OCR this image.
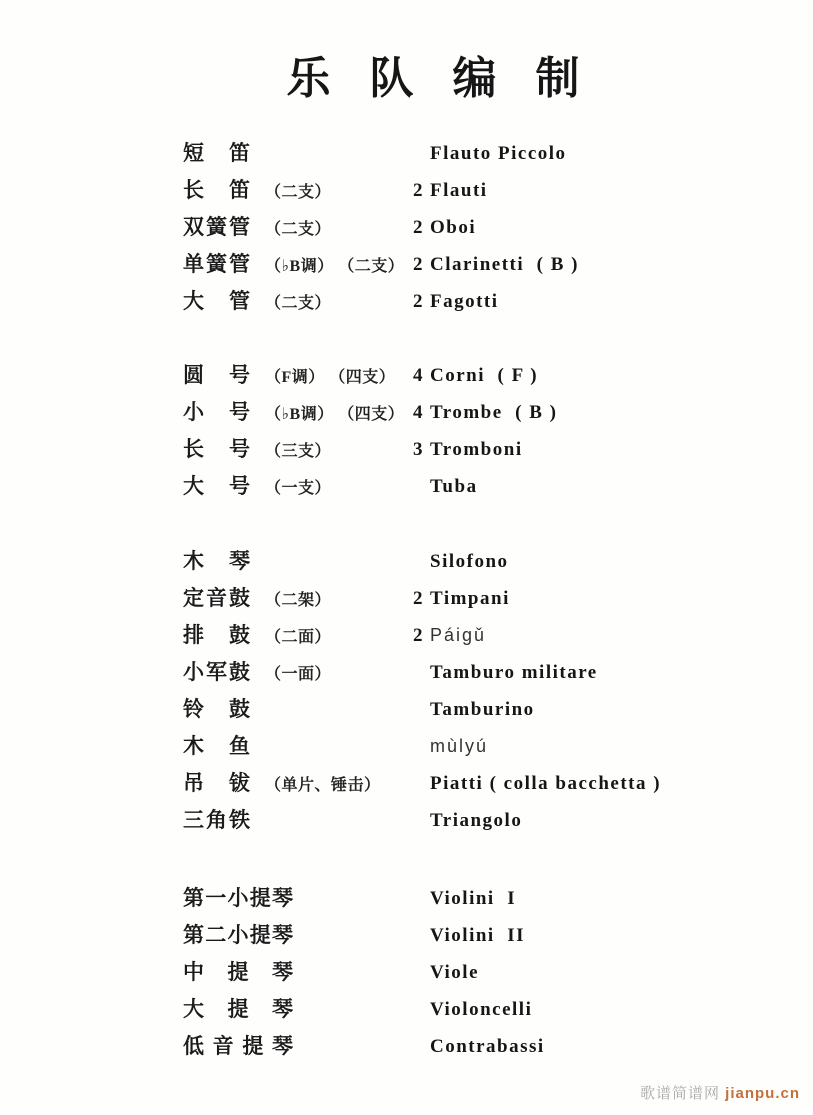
乐 队 编 制
短 笛	Flauto Piccolo
长 笛 （二支）	2 Flauti
双簧管 （二支）	2 Oboi
单簧管 （♭B调） （二支） 2 Clarinetti  ( B )
大 管 （二支）	2 Fagotti
圆 号 （F调） （四支） 4 Corni  ( F )
小 号 （♭B调） （四支） 4 Trombe  ( B )
长 号 （三支）	3 Tromboni
大 号 （一支）	Tuba
木 琴	Silofono
定音鼓 （二架）	2 Timpani
排 鼓 （二面）	2 Páigǔ
小军鼓 （一面）	Tamburo militare
铃 鼓	Tamburino
木 鱼	mùlyú
吊 钹 （单片、锤击）	Piatti ( colla bacchetta )
三角铁	Triangolo
第一小提琴	Violini  I
第二小提琴	Violini  II
中 提 琴	Viole
大 提 琴	Violoncelli
低 音 提 琴	Contrabassi
歌谱简谱网 jianpu.cn
